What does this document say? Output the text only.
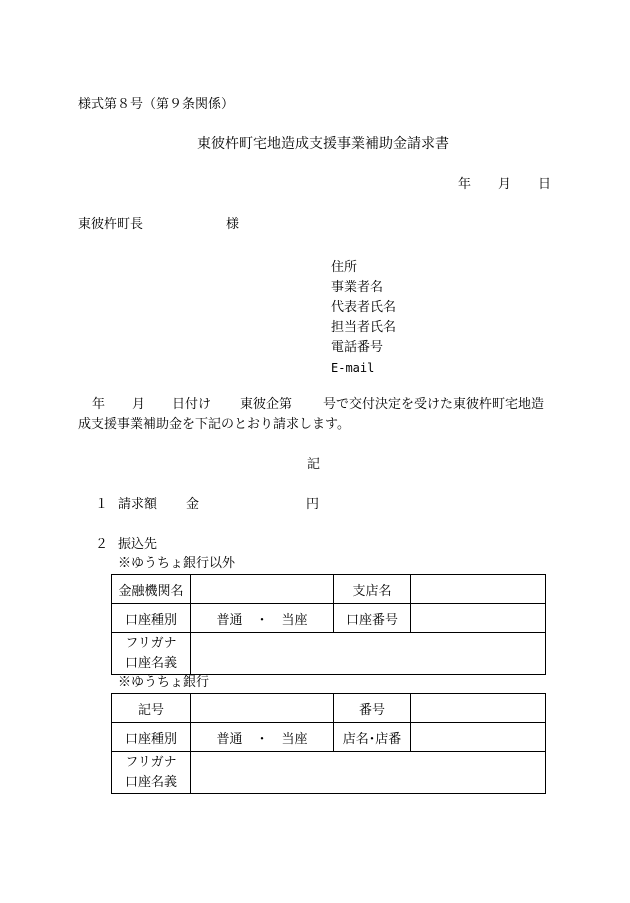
様式第８号（第９条関係）
東彼杵町宅地造成支援事業補助金請求書
年 月 日
東彼杵町長	様
住所
事業者名
代表者氏名
担当者氏名
電話番号
E-mail
年 月 日付け 東彼企第 号で交付決定を受けた東彼杵町宅地造
成支援事業補助金を下記のとおり請求します。
記
１ 請求額 金	円
２ 振込先
※ゆうちょ銀行以外
金融機関名		支店名	
口座種別	普通　・　当座	口座番号	

フリガナ
口座名義			

※ゆうちょ銀行
記号		番号	
口座種別	普通　・　当座	店名･店番	

フリガナ
口座名義			
